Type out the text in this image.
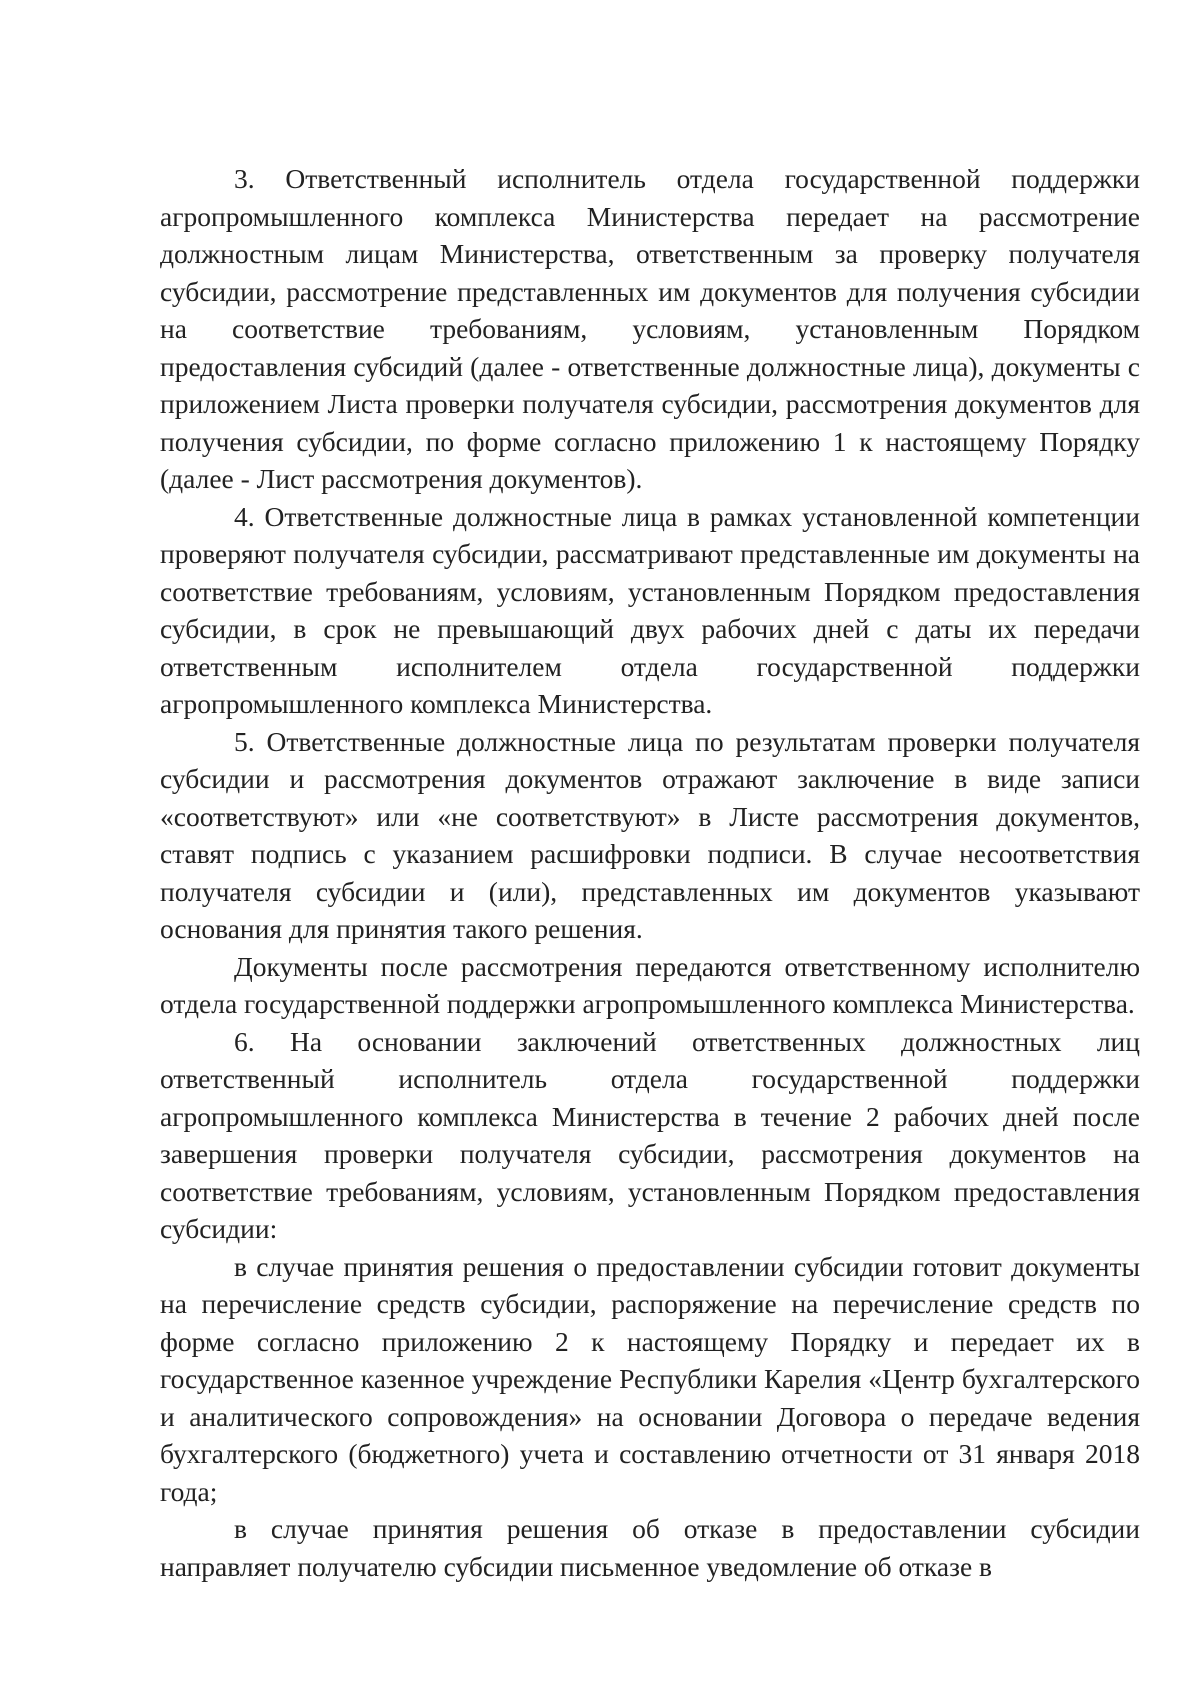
3. Ответственный исполнитель отдела государственной поддержки агропромышленного комплекса Министерства передает на рассмотрение должностным лицам Министерства, ответственным за проверку получателя субсидии, рассмотрение представленных им документов для получения субсидии на соответствие требованиям, условиям, установленным Порядком предоставления субсидий (далее - ответственные должностные лица), документы с приложением Листа проверки получателя субсидии, рассмотрения документов для получения субсидии, по форме согласно приложению 1 к настоящему Порядку (далее - Лист рассмотрения документов).

4. Ответственные должностные лица в рамках установленной компетенции проверяют получателя субсидии, рассматривают представленные им документы на соответствие требованиям, условиям, установленным Порядком предоставления субсидии, в срок не превышающий двух рабочих дней с даты их передачи ответственным исполнителем отдела государственной поддержки агропромышленного комплекса Министерства.

5. Ответственные должностные лица по результатам проверки получателя субсидии и рассмотрения документов отражают заключение в виде записи «соответствуют» или «не соответствуют» в Листе рассмотрения документов, ставят подпись с указанием расшифровки подписи. В случае несоответствия получателя субсидии и (или), представленных им документов указывают основания для принятия такого решения.

Документы после рассмотрения передаются ответственному исполнителю отдела государственной поддержки агропромышленного комплекса Министерства.

6. На основании заключений ответственных должностных лиц ответственный исполнитель отдела государственной поддержки агропромышленного комплекса Министерства в течение 2 рабочих дней после завершения проверки получателя субсидии, рассмотрения документов на соответствие требованиям, условиям, установленным Порядком предоставления субсидии:

в случае принятия решения о предоставлении субсидии готовит документы на перечисление средств субсидии, распоряжение на перечисление средств по форме согласно приложению 2 к настоящему Порядку и передает их в государственное казенное учреждение Республики Карелия «Центр бухгалтерского и аналитического сопровождения» на основании Договора о передаче ведения бухгалтерского (бюджетного) учета и составлению отчетности от 31 января 2018 года;

в случае принятия решения об отказе в предоставлении субсидии направляет получателю субсидии письменное уведомление об отказе в
